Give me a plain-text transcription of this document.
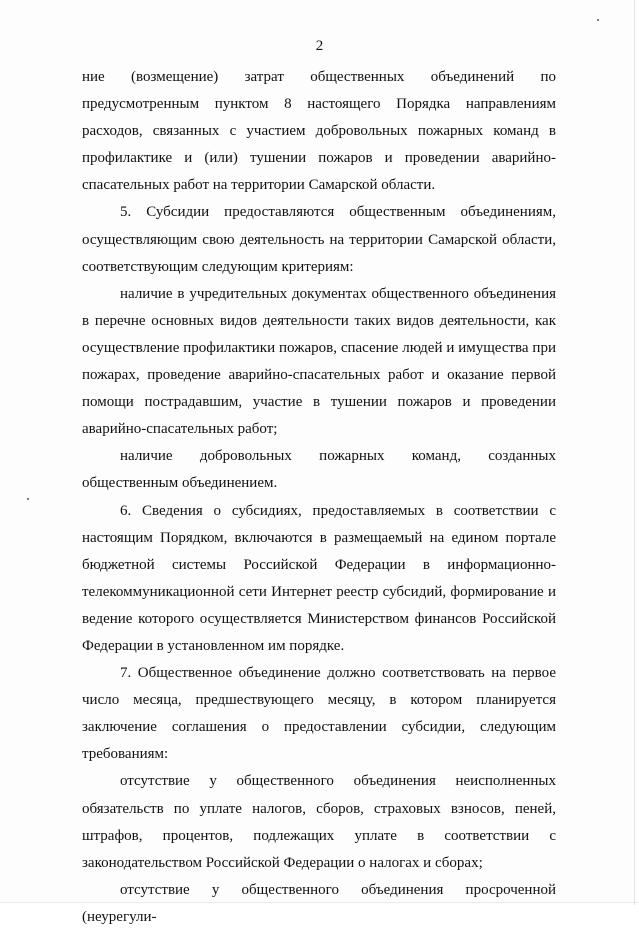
2

ние (возмещение) затрат общественных объединений по предусмотренным пунктом 8 настоящего Порядка направлениям расходов, связанных с участием добровольных пожарных команд в профилактике и (или) тушении пожаров и проведении аварийно-спасательных работ на территории Самарской области.

5. Субсидии предоставляются общественным объединениям, осуществляющим свою деятельность на территории Самарской области, соответствующим следующим критериям:

наличие в учредительных документах общественного объединения в перечне основных видов деятельности таких видов деятельности, как осуществление профилактики пожаров, спасение людей и имущества при пожарах, проведение аварийно-спасательных работ и оказание первой помощи пострадавшим, участие в тушении пожаров и проведении аварийно-спасательных работ;

наличие добровольных пожарных команд, созданных общественным объединением.

6. Сведения о субсидиях, предоставляемых в соответствии с настоящим Порядком, включаются в размещаемый на едином портале бюджетной системы Российской Федерации в информационно-телекоммуникационной сети Интернет реестр субсидий, формирование и ведение которого осуществляется Министерством финансов Российской Федерации в установленном им порядке.

7. Общественное объединение должно соответствовать на первое число месяца, предшествующего месяцу, в котором планируется заключение соглашения о предоставлении субсидии, следующим требованиям:

отсутствие у общественного объединения неисполненных обязательств по уплате налогов, сборов, страховых взносов, пеней, штрафов, процентов, подлежащих уплате в соответствии с законодательством Российской Федерации о налогах и сборах;

отсутствие у общественного объединения просроченной (неурегули-
